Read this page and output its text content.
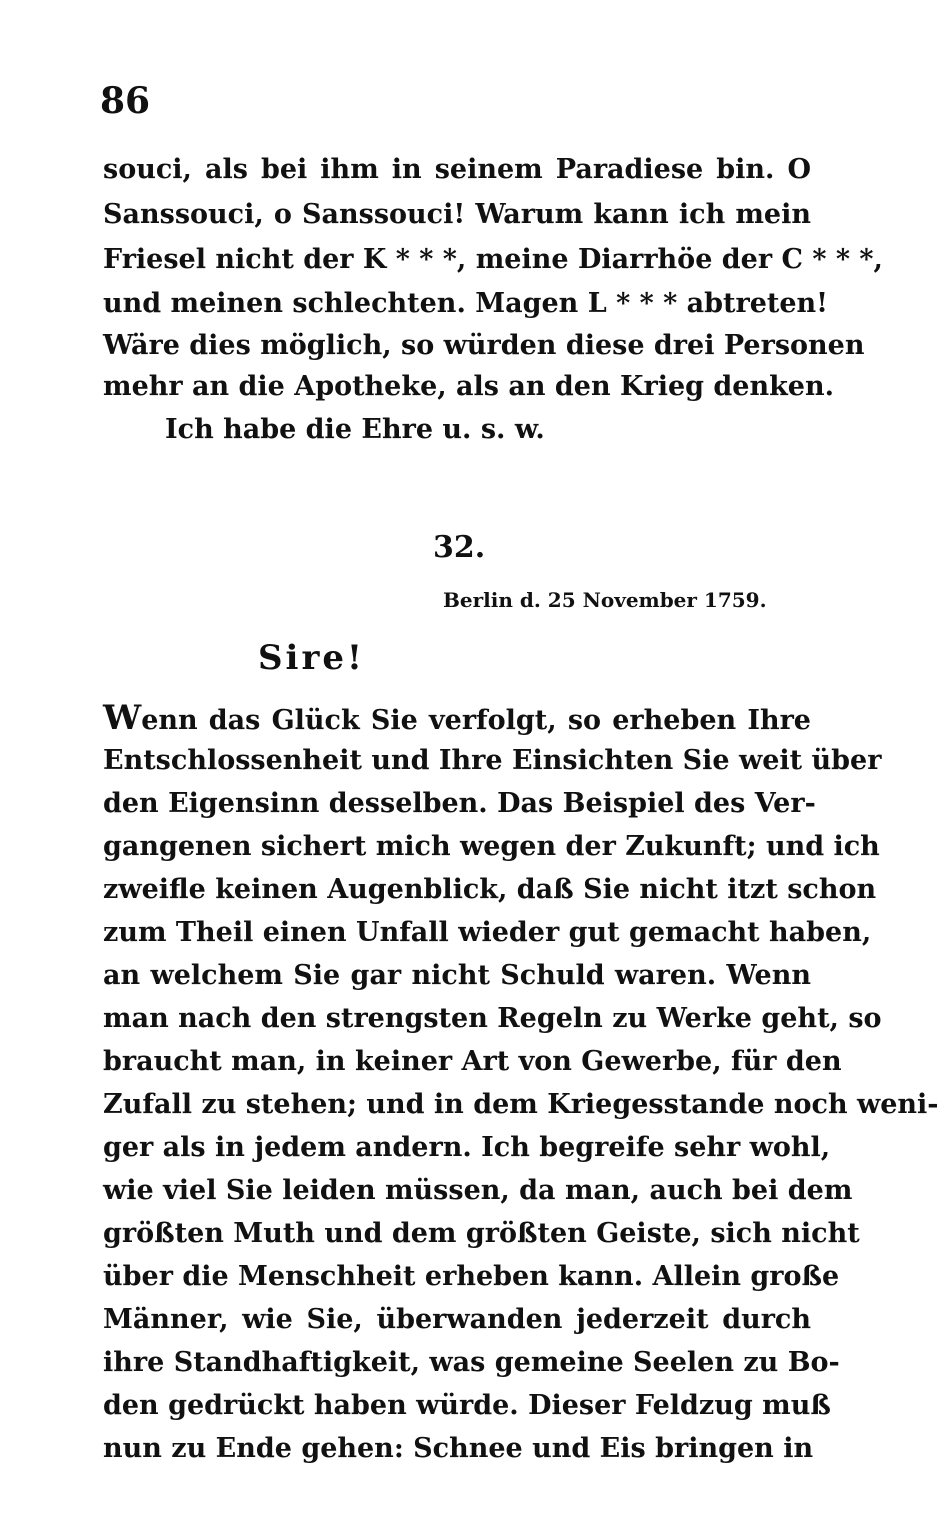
86
souci, als bei ihm in seinem Paradiese bin. O
Sanssouci, o Sanssouci! Warum kann ich mein
Friesel nicht der K * * *, meine Diarrhöe der C * * *,
und meinen schlechten. Magen L * * * abtreten!
Wäre dies möglich, so würden diese drei Personen
mehr an die Apotheke, als an den Krieg denken.
Ich habe die Ehre u. s. w.
32.
Berlin d. 25 November 1759.
Sire!
Wenn das Glück Sie verfolgt, so erheben Ihre
Entschlossenheit und Ihre Einsichten Sie weit über
den Eigensinn desselben. Das Beispiel des Ver-
gangenen sichert mich wegen der Zukunft; und ich
zweifle keinen Augenblick, daß Sie nicht itzt schon
zum Theil einen Unfall wieder gut gemacht haben,
an welchem Sie gar nicht Schuld waren. Wenn
man nach den strengsten Regeln zu Werke geht, so
braucht man, in keiner Art von Gewerbe, für den
Zufall zu stehen; und in dem Kriegesstande noch weni-
ger als in jedem andern. Ich begreife sehr wohl,
wie viel Sie leiden müssen, da man, auch bei dem
größten Muth und dem größten Geiste, sich nicht
über die Menschheit erheben kann. Allein große
Männer, wie Sie, überwanden jederzeit durch
ihre Standhaftigkeit, was gemeine Seelen zu Bo-
den gedrückt haben würde. Dieser Feldzug muß
nun zu Ende gehen: Schnee und Eis bringen in
